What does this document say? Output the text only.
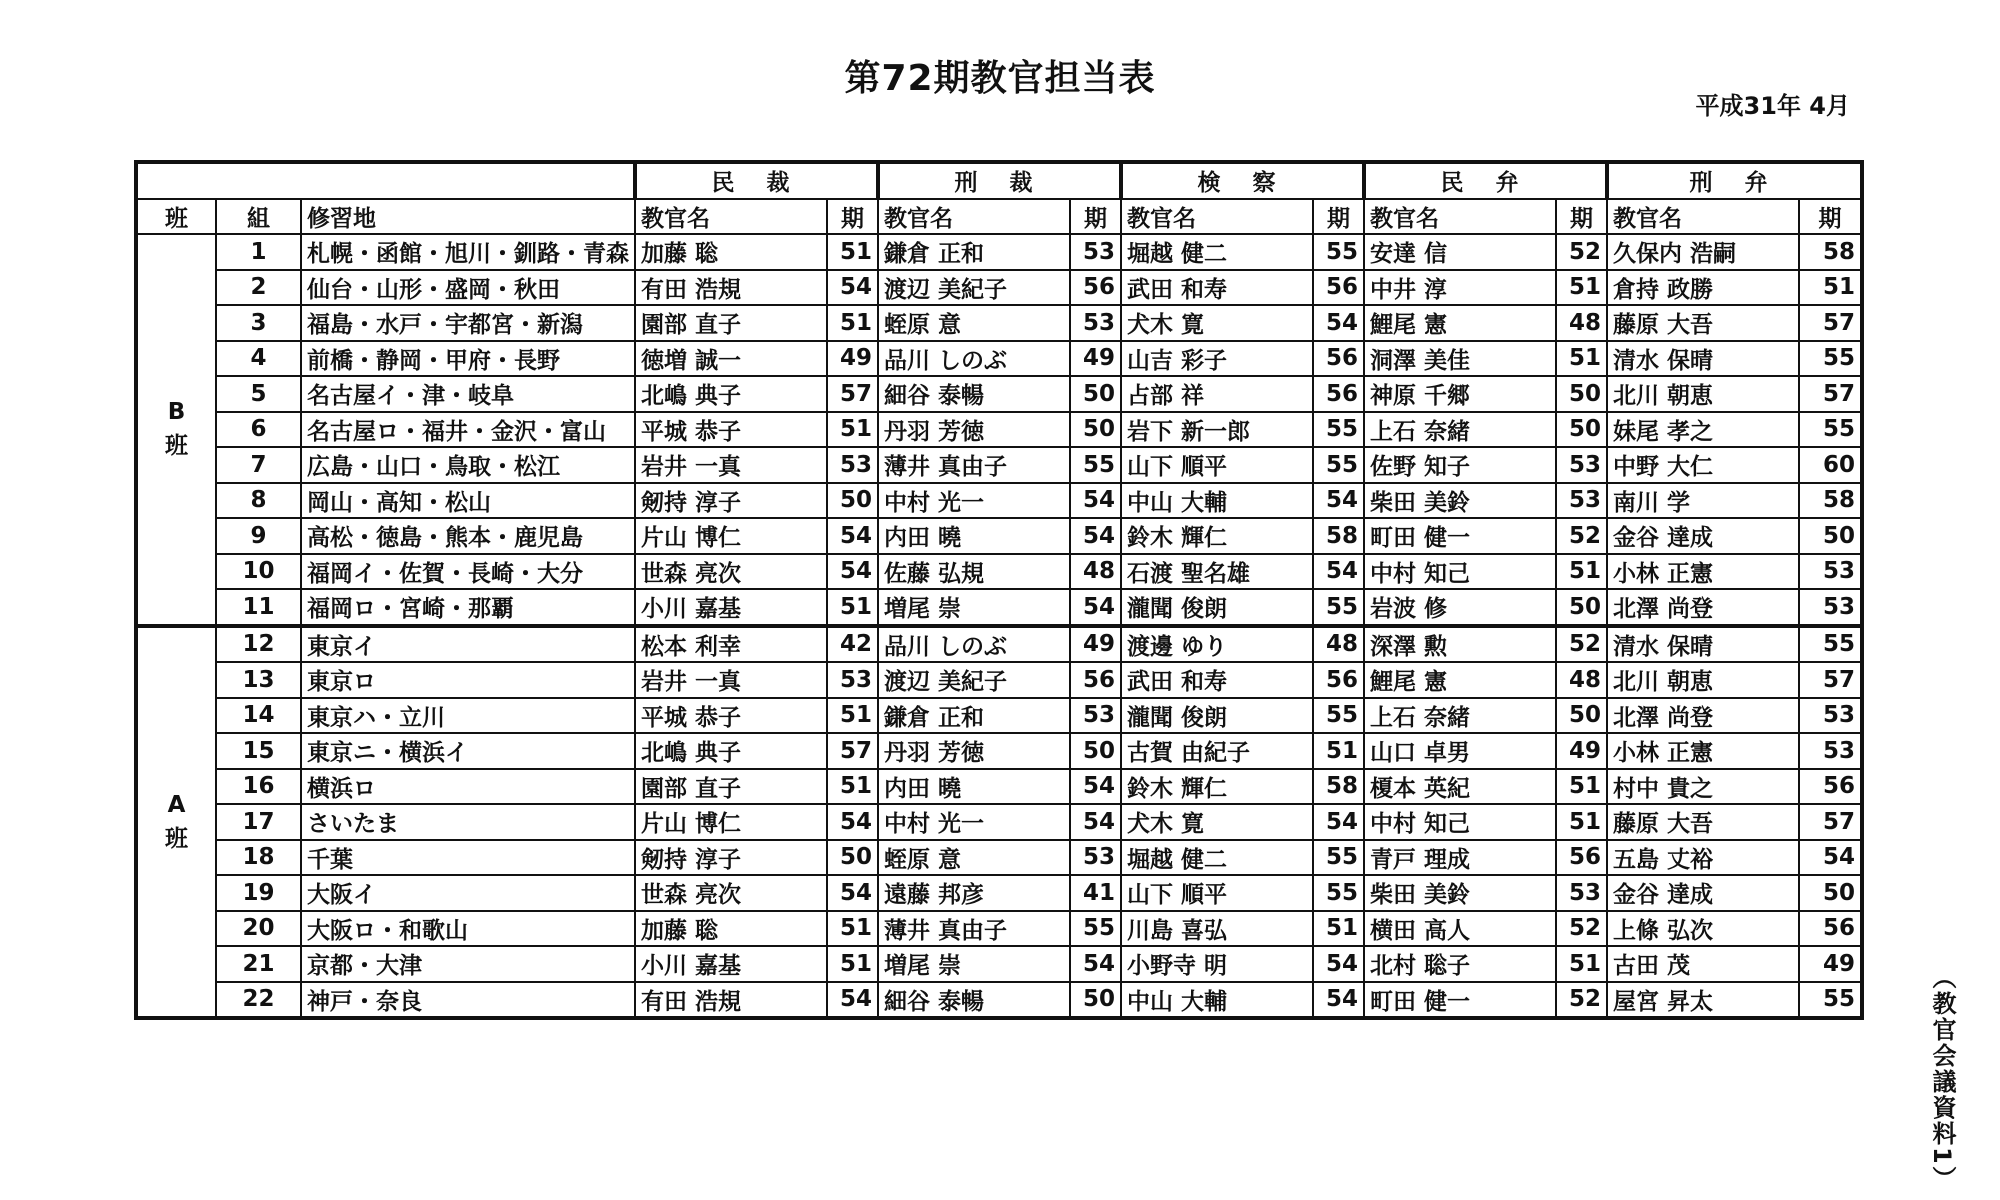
第72期教官担当表
平成31年 4月
			民 裁		刑 裁		検 察		民 弁		刑 弁	
班	組	修習地	教官名	期	教官名	期	教官名	期	教官名	期	教官名	期

B
班	1	札幌・函館・旭川・釧路・青森	加藤 聡	51	鎌倉 正和	53	堀越 健二	55	安達 信	52	久保内 浩嗣	58
	2	仙台・山形・盛岡・秋田	有田 浩規	54	渡辺 美紀子	56	武田 和寿	56	中井 淳	51	倉持 政勝	51
	3	福島・水戸・宇都宮・新潟	園部 直子	51	蛭原 意	53	犬木 寛	54	鯉尾 憲	48	藤原 大吾	57
	4	前橋・静岡・甲府・長野	徳増 誠一	49	品川 しのぶ	49	山吉 彩子	56	洞澤 美佳	51	清水 保晴	55
	5	名古屋イ・津・岐阜	北嶋 典子	57	細谷 泰暢	50	占部 祥	56	神原 千郷	50	北川 朝恵	57
	6	名古屋ロ・福井・金沢・富山	平城 恭子	51	丹羽 芳徳	50	岩下 新一郎	55	上石 奈緒	50	妹尾 孝之	55
	7	広島・山口・鳥取・松江	岩井 一真	53	薄井 真由子	55	山下 順平	55	佐野 知子	53	中野 大仁	60
	8	岡山・高知・松山	剱持 淳子	50	中村 光一	54	中山 大輔	54	柴田 美鈴	53	南川 学	58
	9	高松・徳島・熊本・鹿児島	片山 博仁	54	内田 曉	54	鈴木 輝仁	58	町田 健一	52	金谷 達成	50
	10	福岡イ・佐賀・長崎・大分	世森 亮次	54	佐藤 弘規	48	石渡 聖名雄	54	中村 知己	51	小林 正憲	53
	11	福岡ロ・宮崎・那覇	小川 嘉基	51	増尾 崇	54	瀧聞 俊朗	55	岩波 修	50	北澤 尚登	53

A
班	12	東京イ	松本 利幸	42	品川 しのぶ	49	渡邊 ゆり	48	深澤 勲	52	清水 保晴	55
	13	東京ロ	岩井 一真	53	渡辺 美紀子	56	武田 和寿	56	鯉尾 憲	48	北川 朝恵	57
	14	東京ハ・立川	平城 恭子	51	鎌倉 正和	53	瀧聞 俊朗	55	上石 奈緒	50	北澤 尚登	53
	15	東京ニ・横浜イ	北嶋 典子	57	丹羽 芳徳	50	古賀 由紀子	51	山口 卓男	49	小林 正憲	53
	16	横浜ロ	園部 直子	51	内田 曉	54	鈴木 輝仁	58	榎本 英紀	51	村中 貴之	56
	17	さいたま	片山 博仁	54	中村 光一	54	犬木 寛	54	中村 知己	51	藤原 大吾	57
	18	千葉	剱持 淳子	50	蛭原 意	53	堀越 健二	55	青戸 理成	56	五島 丈裕	54
	19	大阪イ	世森 亮次	54	遠藤 邦彦	41	山下 順平	55	柴田 美鈴	53	金谷 達成	50
	20	大阪ロ・和歌山	加藤 聡	51	薄井 真由子	55	川島 喜弘	51	横田 高人	52	上條 弘次	56
	21	京都・大津	小川 嘉基	51	増尾 崇	54	小野寺 明	54	北村 聡子	51	古田 茂	49
	22	神戸・奈良	有田 浩規	54	細谷 泰暢	50	中山 大輔	54	町田 健一	52	屋宮 昇太	55	（教官会議資料1）
